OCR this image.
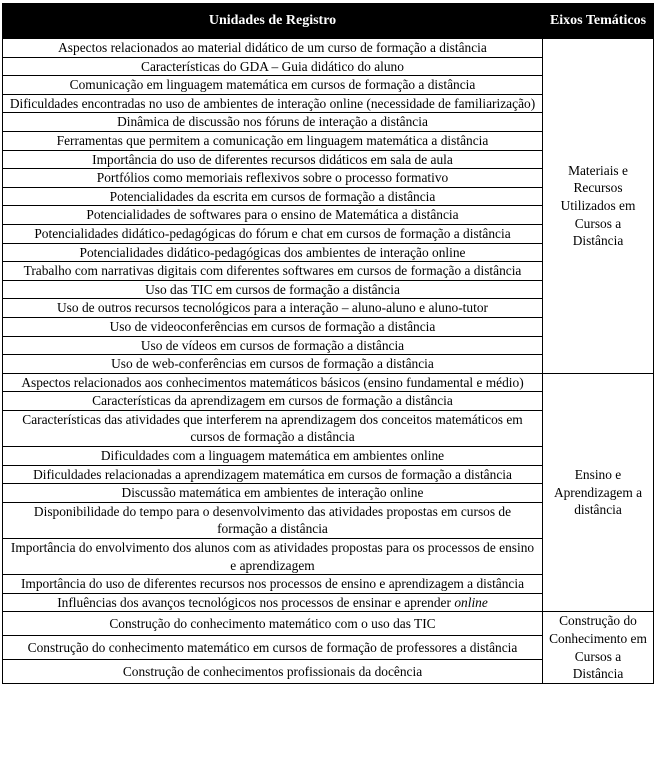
Unidades de Registro	Eixos Temáticos
Aspectos relacionados ao material didático de um curso de formação a distância	Materiais e Recursos Utilizados em Cursos a Distância
Características do GDA – Guia didático do aluno	
Comunicação em linguagem matemática em cursos de formação a distância	
Dificuldades encontradas no uso de ambientes de interação online (necessidade de familiarização)	
Dinâmica de discussão nos fóruns de interação a distância	
Ferramentas que permitem a comunicação em linguagem matemática a distância	
Importância do uso de diferentes recursos didáticos em sala de aula	
Portfólios como memoriais reflexivos sobre o processo formativo	
Potencialidades da escrita em cursos de formação a distância	
Potencialidades de softwares para o ensino de Matemática a distância	
Potencialidades didático-pedagógicas do fórum e chat em cursos de formação a distância	
Potencialidades didático-pedagógicas dos ambientes de interação online	
Trabalho com narrativas digitais com diferentes softwares em cursos de formação a distância	
Uso das TIC em cursos de formação a distância	
Uso de outros recursos tecnológicos para a interação – aluno-aluno e aluno-tutor	
Uso de videoconferências em cursos de formação a distância	
Uso de vídeos em cursos de formação a distância	
Uso de web-conferências em cursos de formação a distância	
Aspectos relacionados aos conhecimentos matemáticos básicos (ensino fundamental e médio)	Ensino e Aprendizagem a distância
Características da aprendizagem em cursos de formação a distância	
Características das atividades que interferem na aprendizagem dos conceitos matemáticos em cursos de formação a distância	
Dificuldades com a linguagem matemática em ambientes online	
Dificuldades relacionadas a aprendizagem matemática em cursos de formação a distância	
Discussão matemática em ambientes de interação online	
Disponibilidade do tempo para o desenvolvimento das atividades propostas em cursos de formação a distância	
Importância do envolvimento dos alunos com as atividades propostas para os processos de ensino e aprendizagem	
Importância do uso de diferentes recursos nos processos de ensino e aprendizagem a distância	
Influências dos avanços tecnológicos nos processos de ensinar e aprender online	
Construção do conhecimento matemático com o uso das TIC	Construção do Conhecimento em Cursos a Distância
Construção do conhecimento matemático em cursos de formação de professores a distância	
Construção de conhecimentos profissionais da docência	
